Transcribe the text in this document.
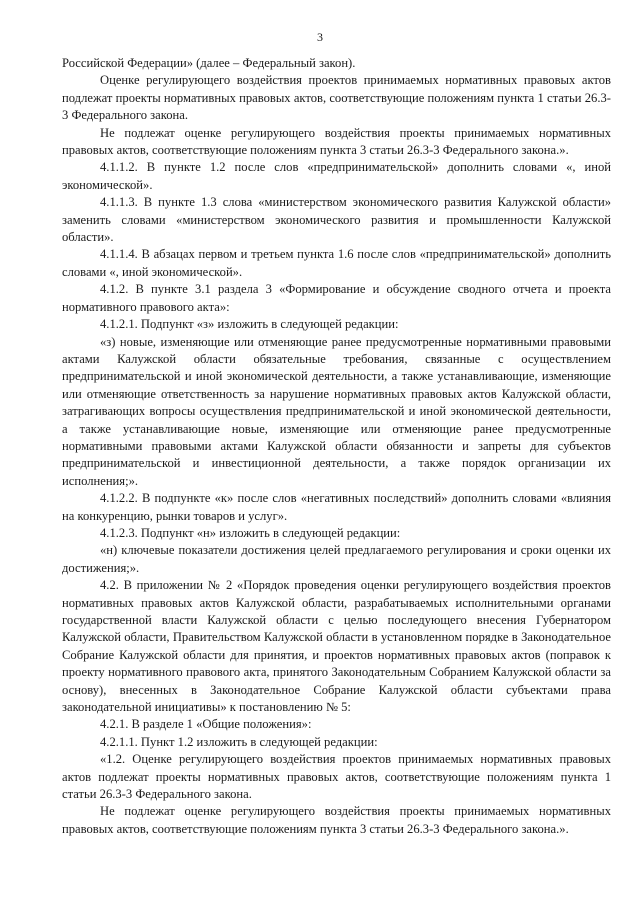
3

Российской Федерации» (далее – Федеральный закон).

Оценке регулирующего воздействия проектов принимаемых нормативных правовых актов подлежат проекты нормативных правовых актов, соответствующие положениям пункта 1 статьи 26.3-3 Федерального закона.

Не подлежат оценке регулирующего воздействия проекты принимаемых нормативных правовых актов, соответствующие положениям пункта 3 статьи 26.3-3 Федерального закона.».

4.1.1.2. В пункте 1.2 после слов «предпринимательской» дополнить словами «, иной экономической».

4.1.1.3. В пункте 1.3 слова «министерством экономического развития Калужской области» заменить словами «министерством экономического развития и промышленности Калужской области».

4.1.1.4. В абзацах первом и третьем пункта 1.6 после слов «предпринимательской» дополнить словами «, иной экономической».

4.1.2. В пункте 3.1 раздела 3 «Формирование и обсуждение сводного отчета и проекта нормативного правового акта»:

4.1.2.1. Подпункт «з» изложить в следующей редакции:

«з) новые, изменяющие или отменяющие ранее предусмотренные нормативными правовыми актами Калужской области обязательные требования, связанные с осуществлением предпринимательской и иной экономической деятельности, а также устанавливающие, изменяющие или отменяющие ответственность за нарушение нормативных правовых актов Калужской области, затрагивающих вопросы осуществления предпринимательской и иной экономической деятельности, а также устанавливающие новые, изменяющие или отменяющие ранее предусмотренные нормативными правовыми актами Калужской области обязанности и запреты для субъектов предпринимательской и инвестиционной деятельности, а также порядок организации их исполнения;».

4.1.2.2. В подпункте «к» после слов «негативных последствий» дополнить словами «влияния на конкуренцию, рынки товаров и услуг».

4.1.2.3. Подпункт «н» изложить в следующей редакции:

«н) ключевые показатели достижения целей предлагаемого регулирования и сроки оценки их достижения;».

4.2. В приложении № 2 «Порядок проведения оценки регулирующего воздействия проектов нормативных правовых актов Калужской области, разрабатываемых исполнительными органами государственной власти Калужской области с целью последующего внесения Губернатором Калужской области, Правительством Калужской области в установленном порядке в Законодательное Собрание Калужской области для принятия, и проектов нормативных правовых актов (поправок к проекту нормативного правового акта, принятого Законодательным Собранием Калужской области за основу), внесенных в Законодательное Собрание Калужской области субъектами права законодательной инициативы» к постановлению № 5:

4.2.1. В разделе 1 «Общие положения»:

4.2.1.1. Пункт 1.2 изложить в следующей редакции:

«1.2. Оценке регулирующего воздействия проектов принимаемых нормативных правовых актов подлежат проекты нормативных правовых актов, соответствующие положениям пункта 1 статьи 26.3-3 Федерального закона.

Не подлежат оценке регулирующего воздействия проекты принимаемых нормативных правовых актов, соответствующие положениям пункта 3 статьи 26.3-3 Федерального закона.».
